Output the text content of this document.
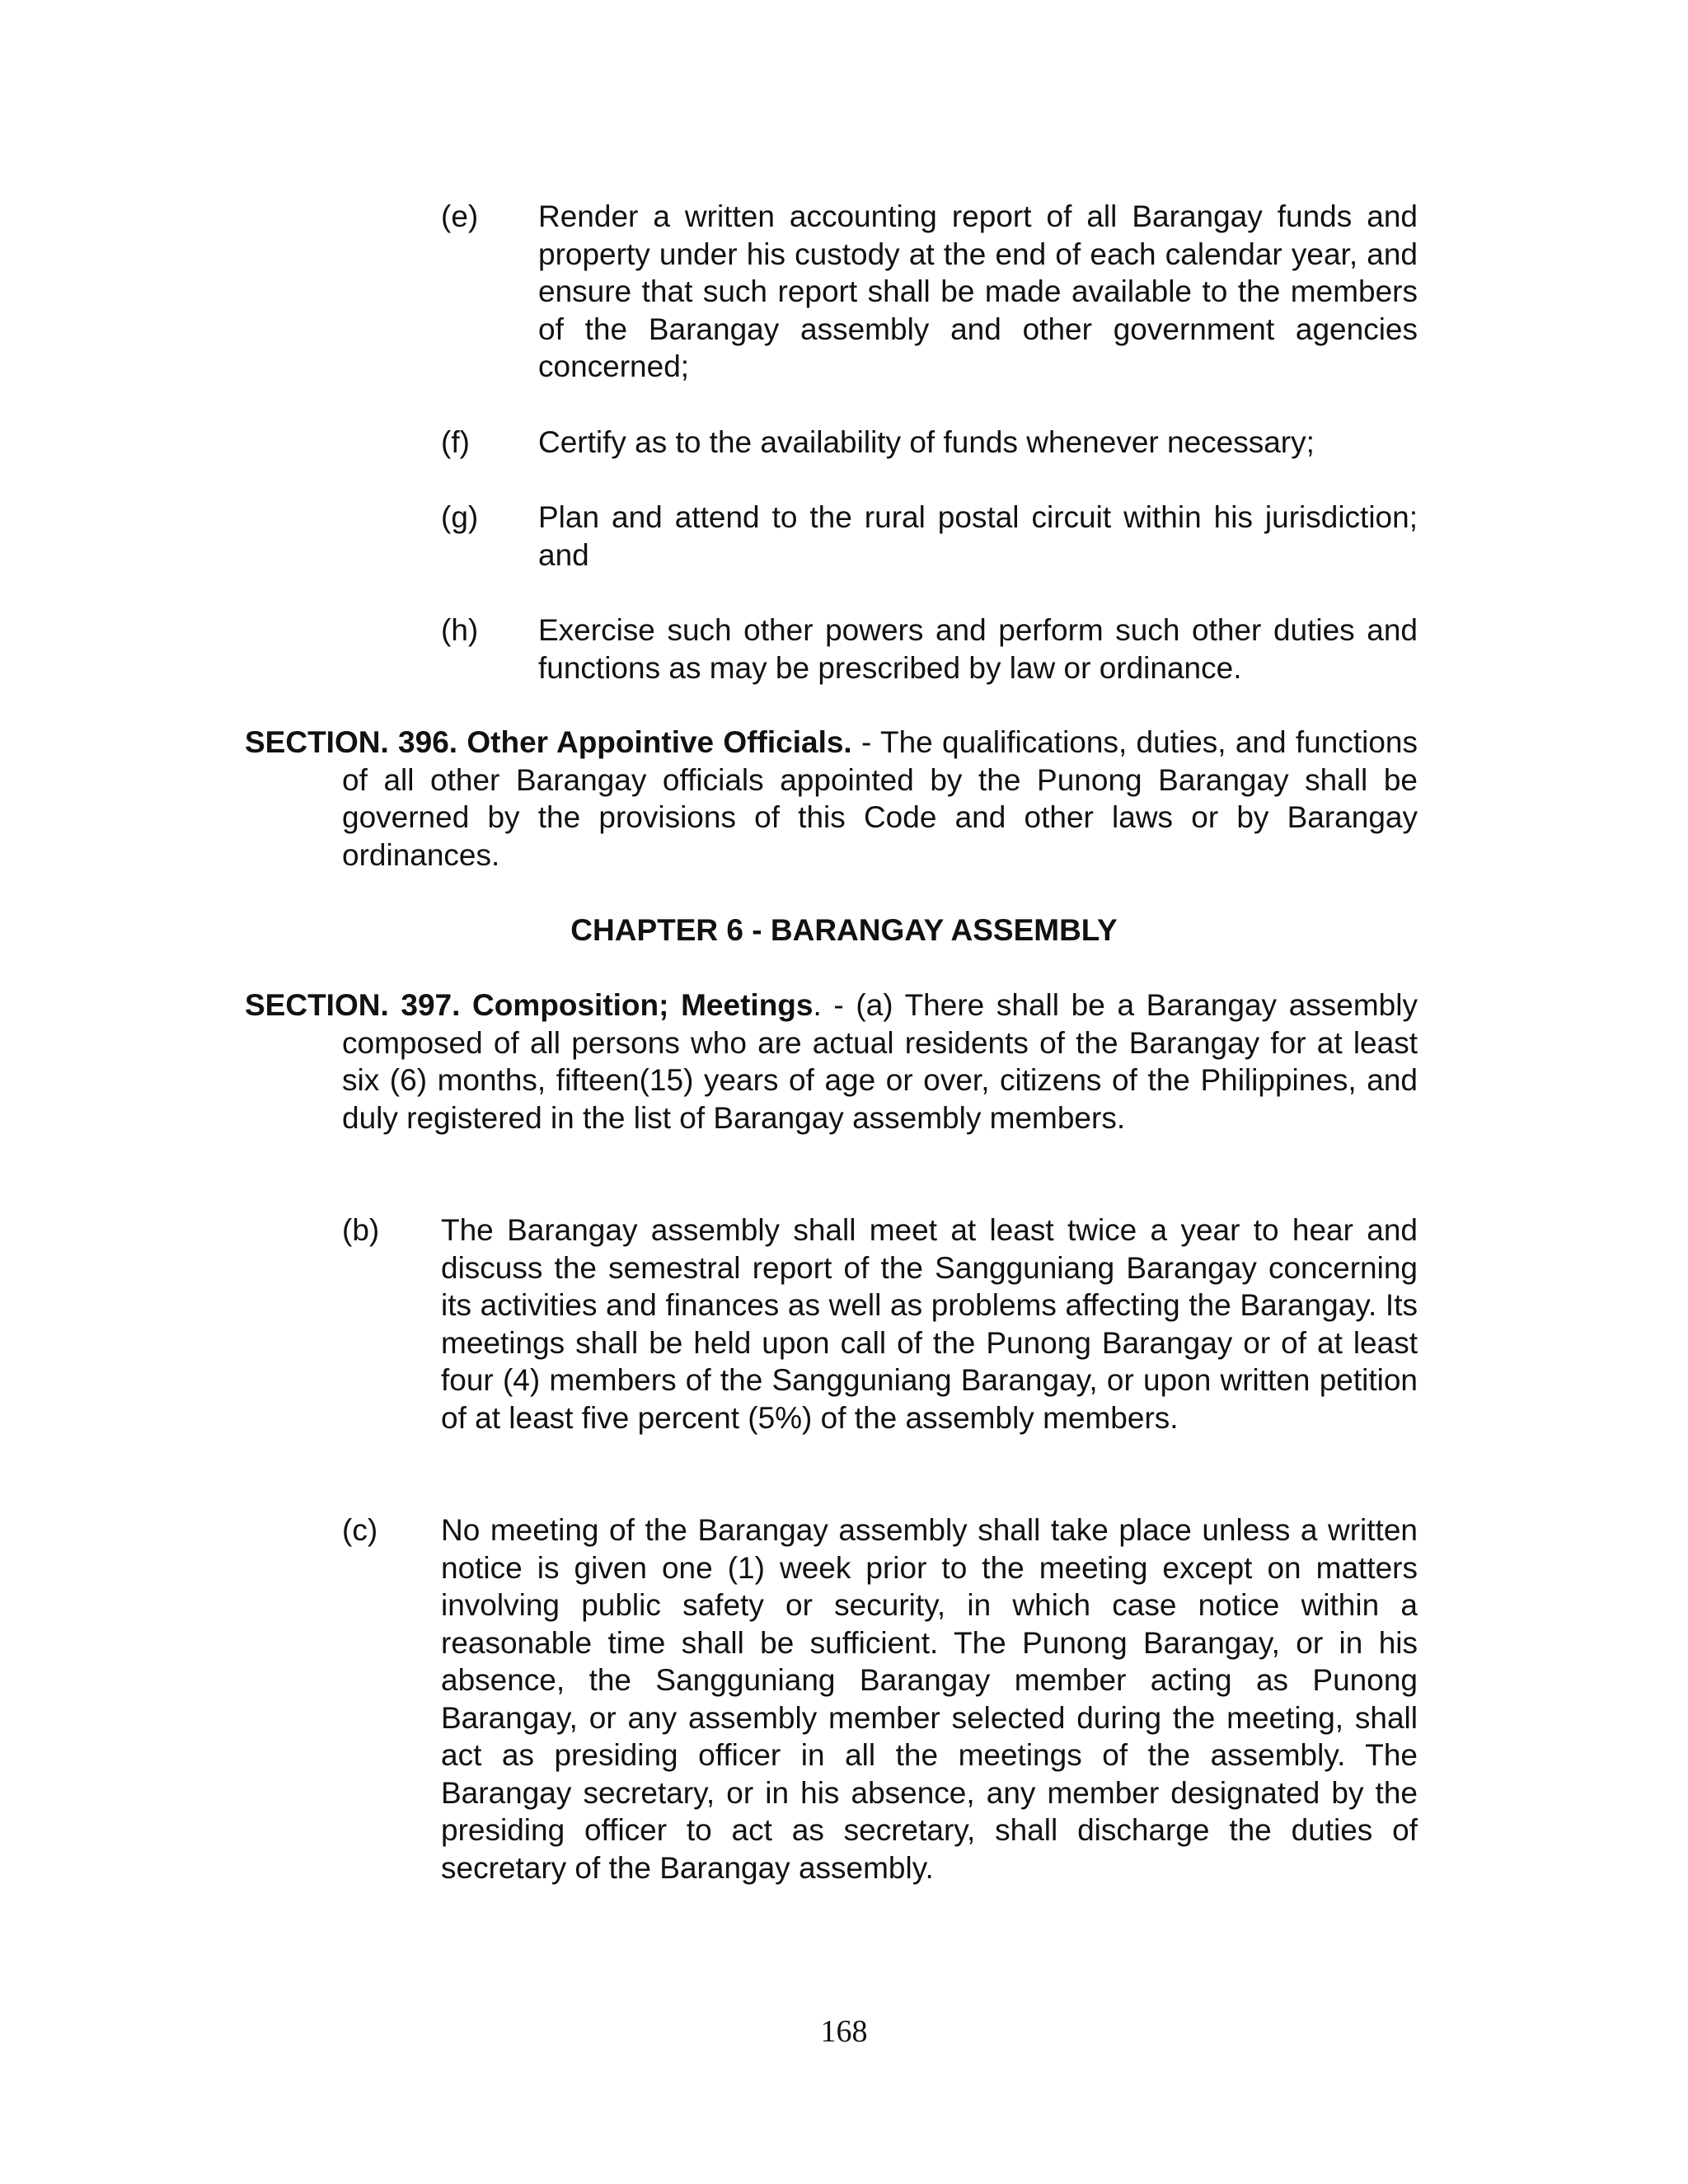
(e) Render a written accounting report of all Barangay funds and property under his custody at the end of each calendar year, and ensure that such report shall be made available to the members of the Barangay assembly and other government agencies concerned;
(f) Certify as to the availability of funds whenever necessary;
(g) Plan and attend to the rural postal circuit within his jurisdiction; and
(h) Exercise such other powers and perform such other duties and functions as may be prescribed by law or ordinance.
SECTION. 396. Other Appointive Officials. - The qualifications, duties, and functions of all other Barangay officials appointed by the Punong Barangay shall be governed by the provisions of this Code and other laws or by Barangay ordinances.
CHAPTER 6 - BARANGAY ASSEMBLY
SECTION. 397. Composition; Meetings. - (a) There shall be a Barangay assembly composed of all persons who are actual residents of the Barangay for at least six (6) months, fifteen(15) years of age or over, citizens of the Philippines, and duly registered in the list of Barangay assembly members.
(b) The Barangay assembly shall meet at least twice a year to hear and discuss the semestral report of the Sangguniang Barangay concerning its activities and finances as well as problems affecting the Barangay. Its meetings shall be held upon call of the Punong Barangay or of at least four (4) members of the Sangguniang Barangay, or upon written petition of at least five percent (5%) of the assembly members.
(c) No meeting of the Barangay assembly shall take place unless a written notice is given one (1) week prior to the meeting except on matters involving public safety or security, in which case notice within a reasonable time shall be sufficient. The Punong Barangay, or in his absence, the Sangguniang Barangay member acting as Punong Barangay, or any assembly member selected during the meeting, shall act as presiding officer in all the meetings of the assembly. The Barangay secretary, or in his absence, any member designated by the presiding officer to act as secretary, shall discharge the duties of secretary of the Barangay assembly.
168
